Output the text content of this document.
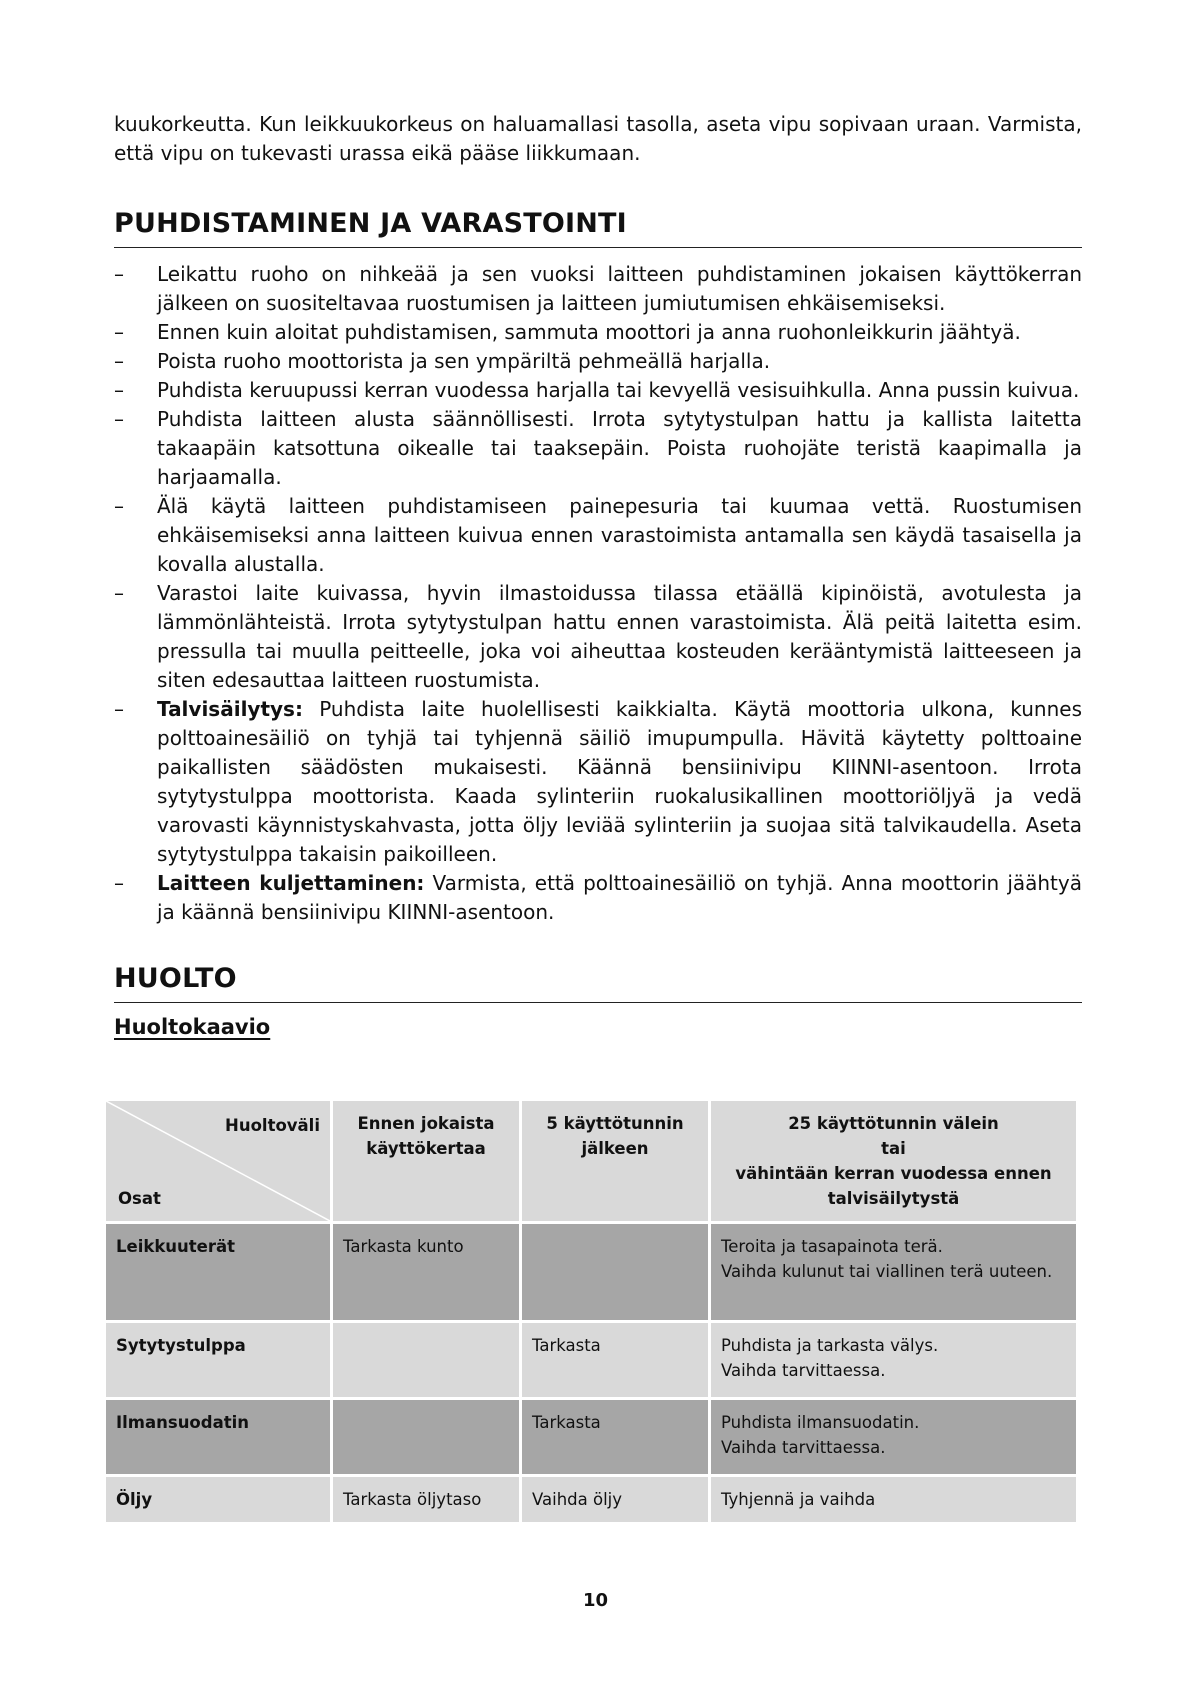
kuukorkeutta. Kun leikkuukorkeus on haluamallasi tasolla, aseta vipu sopivaan uraan. Varmista, että vipu on tukevasti urassa eikä pääse liikkumaan.

PUHDISTAMINEN JA VARASTOINTI
– Leikattu ruoho on nihkeää ja sen vuoksi laitteen puhdistaminen jokaisen käyttökerran jälkeen on suositeltavaa ruostumisen ja laitteen jumiutumisen ehkäisemiseksi.
– Ennen kuin aloitat puhdistamisen, sammuta moottori ja anna ruohonleikkurin jäähtyä.
– Poista ruoho moottorista ja sen ympäriltä pehmeällä harjalla.
– Puhdista keruupussi kerran vuodessa harjalla tai kevyellä vesisuihkulla. Anna pussin kuivua.
– Puhdista laitteen alusta säännöllisesti. Irrota sytytystulpan hattu ja kallista laitetta takaapäin katsottuna oikealle tai taaksepäin. Poista ruohojäte teristä kaapimalla ja harjaamalla.
– Älä käytä laitteen puhdistamiseen painepesuria tai kuumaa vettä. Ruostumisen ehkäisemiseksi anna laitteen kuivua ennen varastoimista antamalla sen käydä tasaisella ja kovalla alustalla.
– Varastoi laite kuivassa, hyvin ilmastoidussa tilassa etäällä kipinöistä, avotulesta ja lämmönlähteistä. Irrota sytytystulpan hattu ennen varastoimista. Älä peitä laitetta esim. pressulla tai muulla peitteelle, joka voi aiheuttaa kosteuden kerääntymistä laitteeseen ja siten edesauttaa laitteen ruostumista.
– Talvisäilytys: Puhdista laite huolellisesti kaikkialta. Käytä moottoria ulkona, kunnes polttoainesäiliö on tyhjä tai tyhjennä säiliö imupumpulla. Hävitä käytetty polttoaine paikallisten säädösten mukaisesti. Käännä bensiinivipu KIINNI-asentoon. Irrota sytytystulppa moottorista. Kaada sylinteriin ruokalusikallinen moottoriöljyä ja vedä varovasti käynnistyskahvasta, jotta öljy leviää sylinteriin ja suojaa sitä talvikaudella. Aseta sytytystulppa takaisin paikoilleen.
– Laitteen kuljettaminen: Varmista, että polttoainesäiliö on tyhjä. Anna moottorin jäähtyä ja käännä bensiinivipu KIINNI-asentoon.
HUOLTO
Huoltokaavio
Huoltoväli
Osat	Ennen jokaista käyttökertaa	5 käyttötunnin jälkeen	25 käyttötunnin välein
tai
vähintään kerran vuodessa ennen talvisäilytystä
Leikkuuterät	Tarkasta kunto		Teroita ja tasapainota terä.
Vaihda kulunut tai viallinen terä uuteen.
Sytytystulppa		Tarkasta	Puhdista ja tarkasta välys.
Vaihda tarvittaessa.
Ilmansuodatin		Tarkasta	Puhdista ilmansuodatin.
Vaihda tarvittaessa.
Öljy	Tarkasta öljytaso	Vaihda öljy	Tyhjennä ja vaihda
10
